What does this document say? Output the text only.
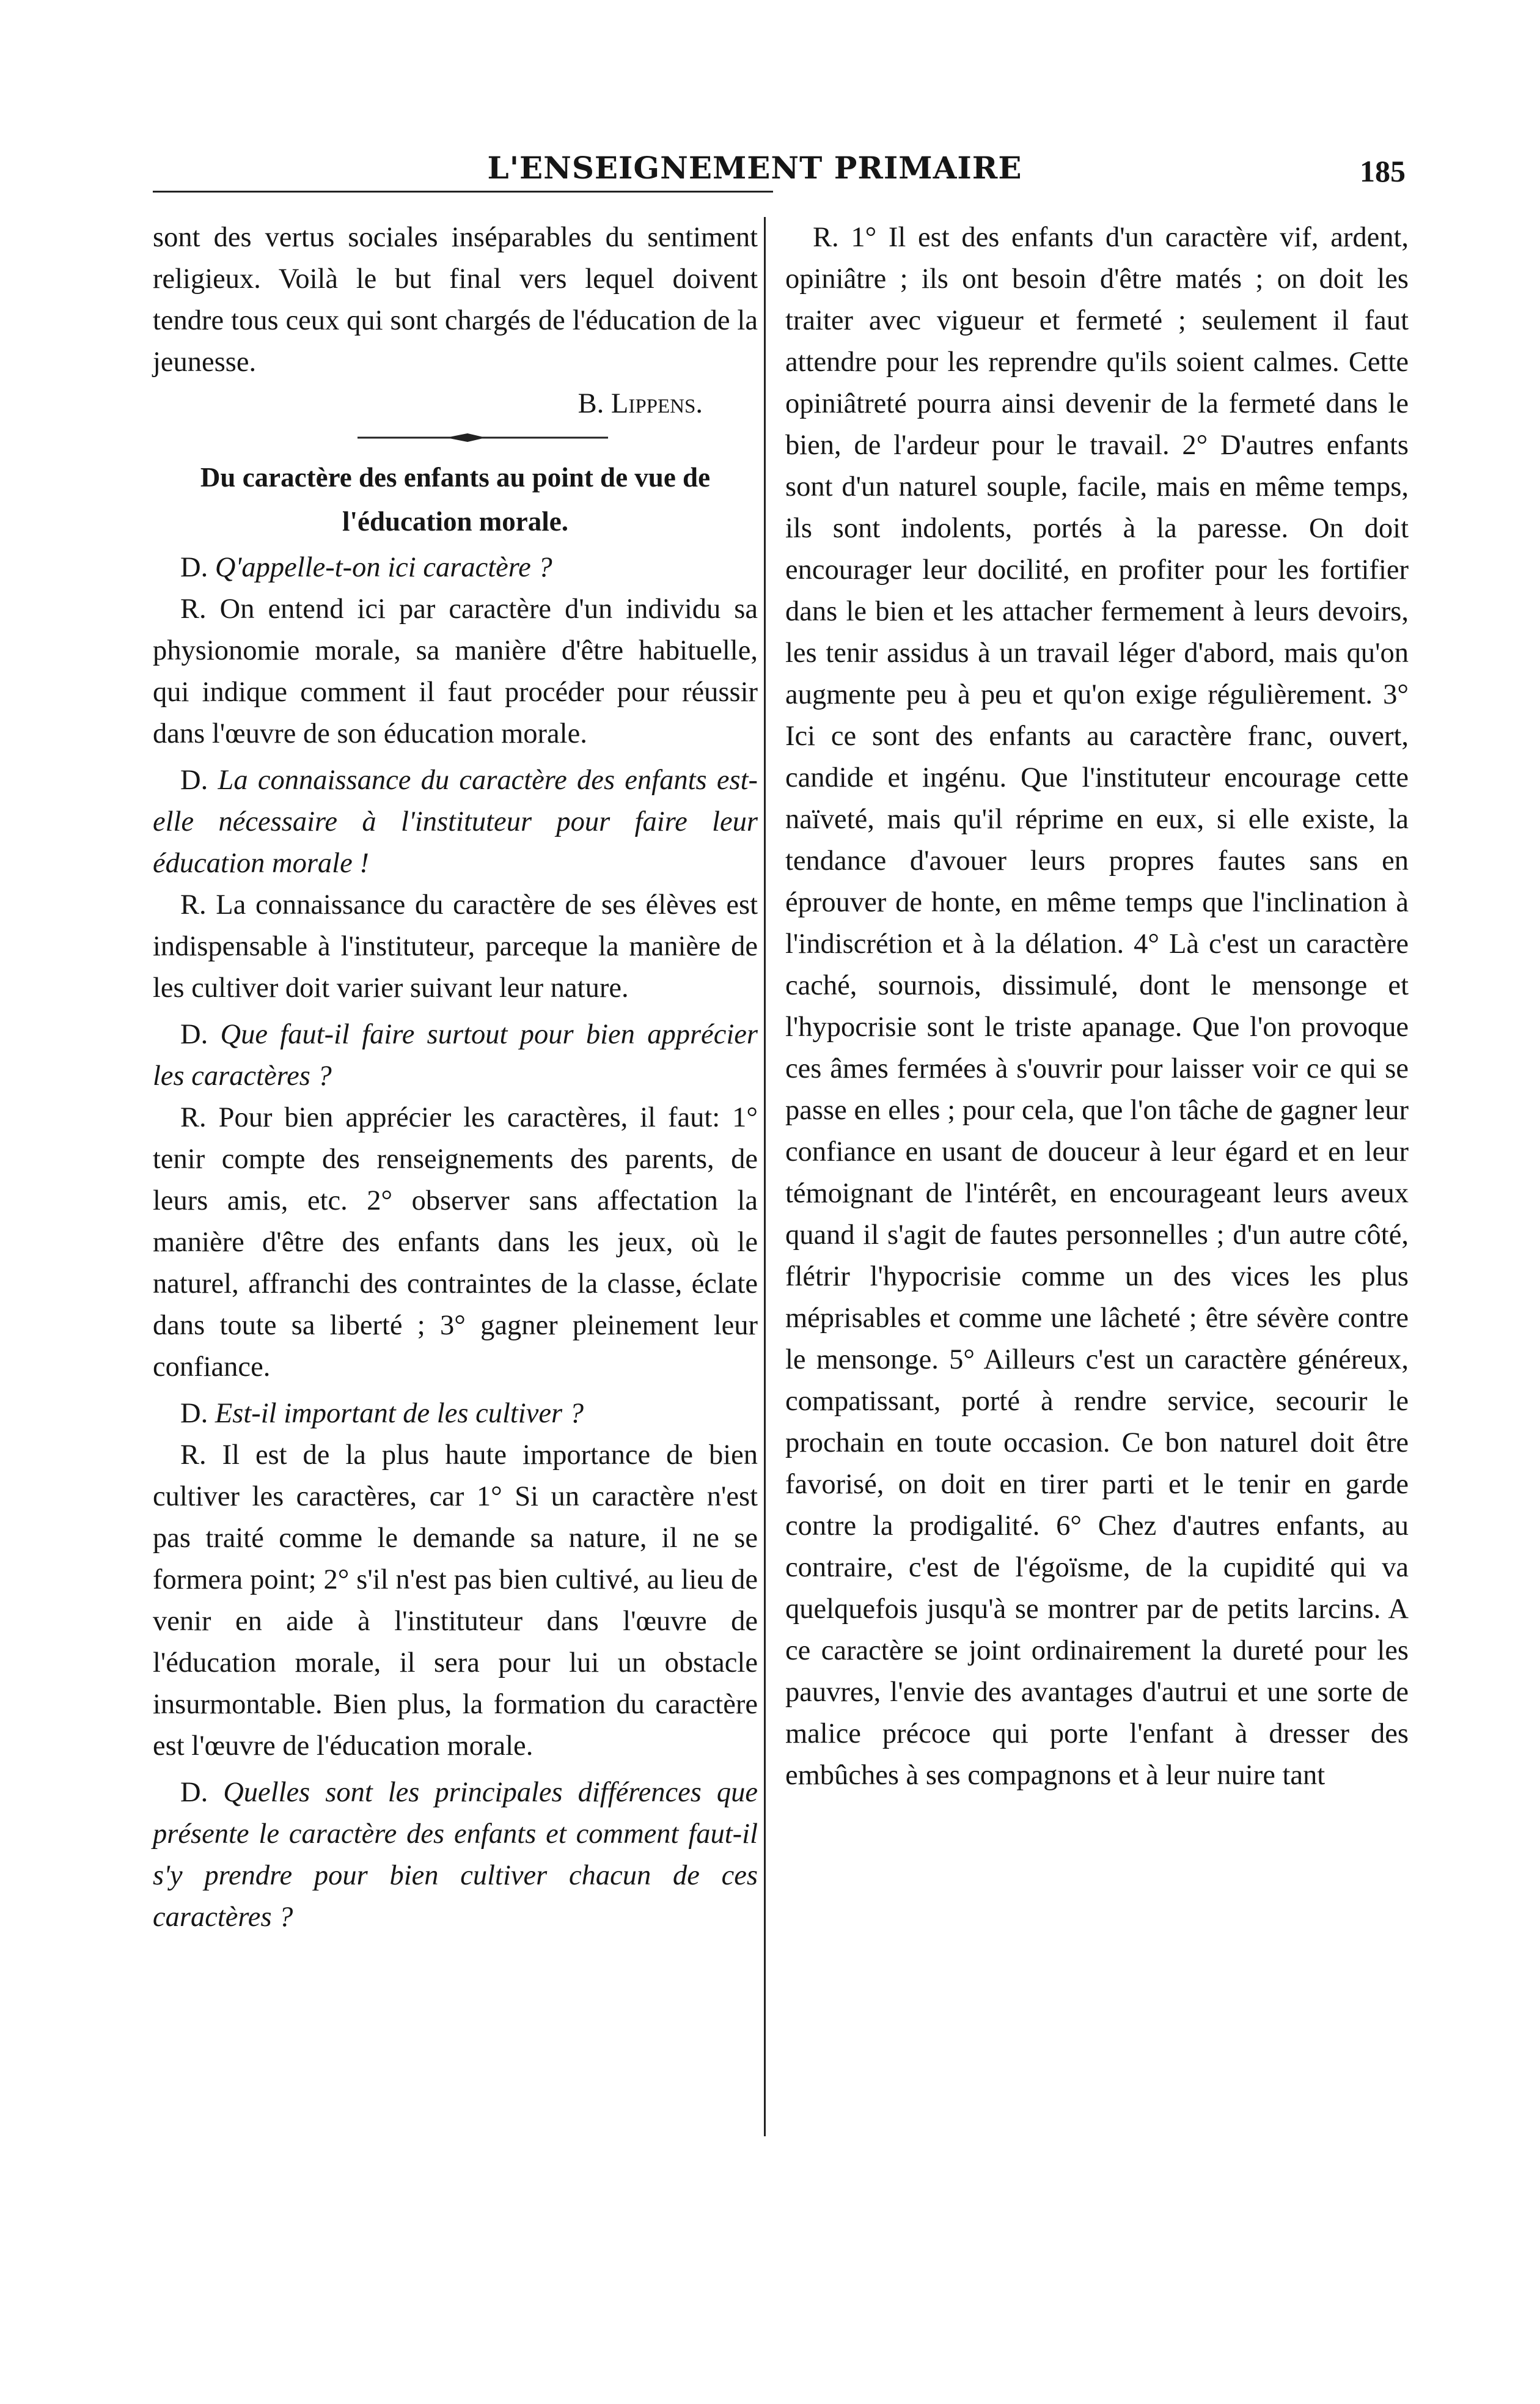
L'ENSEIGNEMENT PRIMAIRE	185

sont des vertus sociales inséparables du sentiment religieux. Voilà le but final vers lequel doivent tendre tous ceux qui sont chargés de l'éducation de la jeunesse.

B. Lippens.

Du caractère des enfants au point de vue de
l'éducation morale.

D. Q'appelle-t-on ici caractère ?

R. On entend ici par caractère d'un individu sa physionomie morale, sa manière d'être habituelle, qui indique comment il faut procéder pour réussir dans l'œuvre de son éducation morale.

D. La connaissance du caractère des enfants est-elle nécessaire à l'instituteur pour faire leur éducation morale !

R. La connaissance du caractère de ses élèves est indispensable à l'instituteur, parceque la manière de les cultiver doit varier suivant leur nature.

D. Que faut-il faire surtout pour bien apprécier les caractères ?

R. Pour bien apprécier les caractères, il faut: 1° tenir compte des renseignements des parents, de leurs amis, etc. 2° observer sans affectation la manière d'être des enfants dans les jeux, où le naturel, affranchi des contraintes de la classe, éclate dans toute sa liberté ; 3° gagner pleinement leur confiance.

D. Est-il important de les cultiver ?

R. Il est de la plus haute importance de bien cultiver les caractères, car 1° Si un caractère n'est pas traité comme le demande sa nature, il ne se formera point; 2° s'il n'est pas bien cultivé, au lieu de venir en aide à l'instituteur dans l'œuvre de l'éducation morale, il sera pour lui un obstacle insurmontable. Bien plus, la formation du caractère est l'œuvre de l'éducation morale.

D. Quelles sont les principales différences que présente le caractère des enfants et comment faut-il s'y prendre pour bien cultiver chacun de ces caractères ?

R. 1° Il est des enfants d'un caractère vif, ardent, opiniâtre ; ils ont besoin d'être matés ; on doit les traiter avec vigueur et fermeté ; seulement il faut attendre pour les reprendre qu'ils soient calmes. Cette opiniâtreté pourra ainsi devenir de la fermeté dans le bien, de l'ardeur pour le travail. 2° D'autres enfants sont d'un naturel souple, facile, mais en même temps, ils sont indolents, portés à la paresse. On doit encourager leur docilité, en profiter pour les fortifier dans le bien et les attacher fermement à leurs devoirs, les tenir assidus à un travail léger d'abord, mais qu'on augmente peu à peu et qu'on exige régulièrement. 3° Ici ce sont des enfants au caractère franc, ouvert, candide et ingénu. Que l'instituteur encourage cette naïveté, mais qu'il réprime en eux, si elle existe, la tendance d'avouer leurs propres fautes sans en éprouver de honte, en même temps que l'inclination à l'indiscrétion et à la délation. 4° Là c'est un caractère caché, sournois, dissimulé, dont le mensonge et l'hypocrisie sont le triste apanage. Que l'on provoque ces âmes fermées à s'ouvrir pour laisser voir ce qui se passe en elles ; pour cela, que l'on tâche de gagner leur confiance en usant de douceur à leur égard et en leur témoignant de l'intérêt, en encourageant leurs aveux quand il s'agit de fautes personnelles ; d'un autre côté, flétrir l'hypocrisie comme un des vices les plus méprisables et comme une lâcheté ; être sévère contre le mensonge. 5° Ailleurs c'est un caractère généreux, compatissant, porté à rendre service, secourir le prochain en toute occasion. Ce bon naturel doit être favorisé, on doit en tirer parti et le tenir en garde contre la prodigalité. 6° Chez d'autres enfants, au contraire, c'est de l'égoïsme, de la cupidité qui va quelquefois jusqu'à se montrer par de petits larcins. A ce caractère se joint ordinairement la dureté pour les pauvres, l'envie des avantages d'autrui et une sorte de malice précoce qui porte l'enfant à dresser des embûches à ses compagnons et à leur nuire tant
